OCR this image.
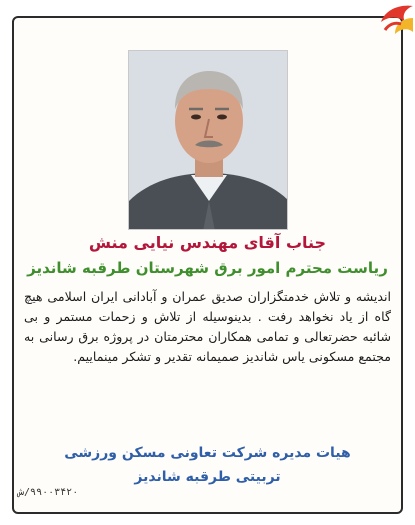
جناب آقای مهندس نیایی منش
ریاست محترم امور برق شهرستان طرقبه شاندیز
اندیشه و تلاش خدمتگزاران صدیق عمران و آبادانی ایران اسلامی هیچ گاه از یاد نخواهد رفت . بدینوسیله از تلاش و زحمات مستمر و بی شائبه حضرتعالی و تمامی همکاران محترمتان در پروژه برق رسانی به مجتمع مسکونی یاس شاندیز صمیمانه تقدیر و تشکر مینماییم.
هیات مدیره شرکت تعاونی مسکن ورزشی
تربیتی طرقبه شاندیز
۹۹۰۰۳۴۲۰/ش
